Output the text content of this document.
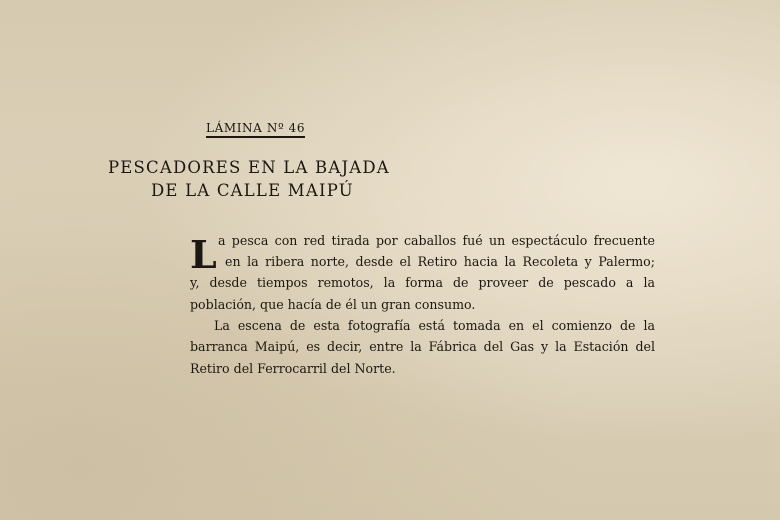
LÁMINA Nº 46
PESCADORES EN LA BAJADA
DE LA CALLE MAIPÚ
L a pesca con red tirada por caballos fué un espectáculo frecuente
en la ribera norte, desde el Retiro hacia la Recoleta y Palermo;
y, desde tiempos remotos, la forma de proveer de pescado a la
población, que hacía de él un gran consumo.
La escena de esta fotografía está tomada en el comienzo de la
barranca Maipú, es decir, entre la Fábrica del Gas y la Estación del
Retiro del Ferrocarril del Norte.
